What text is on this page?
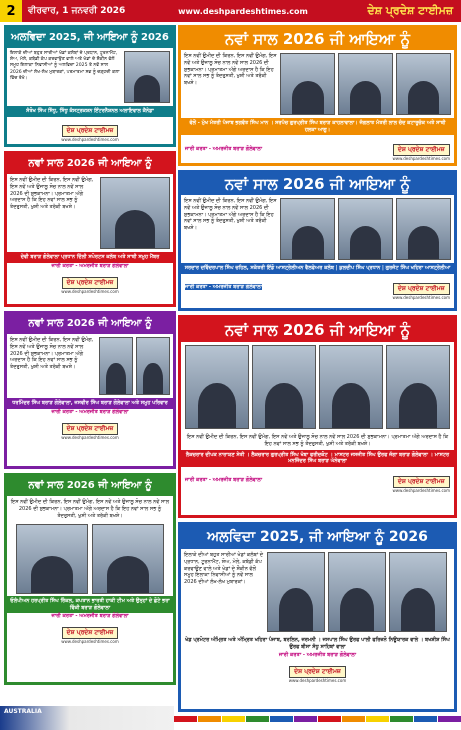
2	ਵੀਰਵਾਰ, 1 ਜਨਵਰੀ 2026	www.deshpardeshtimes.com	ਦੇਸ਼ ਪ੍ਰਦੇਸ਼ ਟਾਈਮਜ਼
ਅਲਵਿਦਾ 2025, ਜੀ ਆਇਆ ਨੂੰ 2026
ਇਲਾਕੇ ਦੀਆਂ ਬਹੁਤ ਸਾਰੀਆਂ ਖੇਡਾਂ ਕਲੱਬਾਂ ਦੇ ਪ੍ਰਧਾਨ, ਟੂਰਨਾਮੈਂਟ, ਸ਼ੋਅ, ਮੇਲੇ, ਕਬੱਡੀ ਕੱਪ ਕਰਵਾਉਣ ਵਾਲੇ ਅਤੇ ਖੇਡਾਂ ਦੇ ਸ਼ੌਕੀਨ ਵੱਲੋਂ ਸਮੂਹ ਇਲਾਕਾ ਨਿਵਾਸੀਆਂ ਨੂੰ ਅਲਵਿਦਾ 2025 ਤੇ ਨਵੇਂ ਸਾਲ 2026 ਦੀਆਂ ਲੱਖ-ਲੱਖ ਮੁਬਾਰਕਾਂ, ਪਰਮਾਤਮਾ ਸਭ ਨੂੰ ਚੜ੍ਹਦੀ ਕਲਾ ਵਿੱਚ ਰੱਖੇ।
ਸੰਤੋਖ ਸਿੰਘ ਸਿੱਧੂ, ਸਿੱਧੂ ਕੰਸਟ੍ਰਕਸ਼ਨ ਇੰਟਰਨੈਸ਼ਨਲ ਅਲਾਇਵਾਲ ਕੈਨੇਡਾ
ਦੇਸ਼ ਪ੍ਰਦੇਸ਼ ਟਾਈਮਜ਼
www.deshpardeshtimes.com
ਨਵਾਂ ਸਾਲ 2026 ਜੀ ਆਇਆ ਨੂੰ
ਇਸ ਨਵੀਂ ਉਮੀਦ ਦੀ ਕਿਰਨ, ਇਸ ਨਵੀਂ ਉਮੰਗ, ਇਸ ਨਵੇਂ ਅਤੇ ਉਜਾਲੂ ਸੋਚ ਨਾਲ ਨਵੇਂ ਸਾਲ 2026 ਦੀ ਸ਼ੁਭਕਾਮਨਾ। ਪ੍ਰਮਾਤਮਾ ਅੱਗੇ ਅਰਦਾਸ ਹੈ ਕਿ ਇਹ ਨਵਾਂ ਸਾਲ ਸਭ ਨੂੰ ਤੰਦਰੁਸਤੀ, ਖੁਸ਼ੀ ਅਤੇ ਤਰੱਕੀ ਬਖਸ਼ੇ।
ਵੱਲੋਂ - ਮੁੱਖ ਮੰਤਰੀ ਪੰਜਾਬ ਭਗਵੰਤ ਸਿੰਘ ਮਾਨ । ਸਰਪੰਚ ਗੁਰਪ੍ਰੀਤ ਸਿੰਘ ਬਰਾੜ ਕਾਹਲਾਵਾਲਾ। ਜੰਗਲਾਤ ਮੰਤਰੀ ਲਾਲ ਚੰਦ ਕਟਾਰੂਚੱਕ ਅਤੇ ਸਾਥੀ ਹਲਕਾ ਆਗੂ।
ਜਾਰੀ ਕਰਤਾ - ਅਮਰਜੀਤ ਬਰਾੜ ਗੋਲੇਵਾਲਾ	ਦੇਸ਼ ਪ੍ਰਦੇਸ਼ ਟਾਈਮਜ਼
www.deshpardeshtimes.com
ਨਵਾਂ ਸਾਲ 2026 ਜੀ ਆਇਆ ਨੂੰ
ਇਸ ਨਵੀਂ ਉਮੀਦ ਦੀ ਕਿਰਨ, ਇਸ ਨਵੀਂ ਉਮੰਗ, ਇਸ ਨਵੇਂ ਅਤੇ ਉਜਾਲੂ ਸੋਚ ਨਾਲ ਨਵੇਂ ਸਾਲ 2026 ਦੀ ਸ਼ੁਭਕਾਮਨਾ। ਪ੍ਰਮਾਤਮਾ ਅੱਗੇ ਅਰਦਾਸ ਹੈ ਕਿ ਇਹ ਨਵਾਂ ਸਾਲ ਸਭ ਨੂੰ ਤੰਦਰੁਸਤੀ, ਖੁਸ਼ੀ ਅਤੇ ਤਰੱਕੀ ਬਖਸ਼ੇ।
ਦੇਵੀ ਬਰਾੜ ਗੋਲੇਵਾਲਾ ਪ੍ਰਧਾਨ ਦਿੱਲੀ ਸਪੋਰਟਸ ਕਲੱਬ ਅਤੇ ਸਾਥੀ ਸਮੂਹ ਮੈਂਬਰ
ਜਾਰੀ ਕਰਤਾ - ਅਮਰਜੀਤ ਬਰਾੜ ਗੋਲੇਵਾਲਾ
ਦੇਸ਼ ਪ੍ਰਦੇਸ਼ ਟਾਈਮਜ਼
www.deshpardeshtimes.com
ਨਵਾਂ ਸਾਲ 2026 ਜੀ ਆਇਆ ਨੂੰ
ਇਸ ਨਵੀਂ ਉਮੀਦ ਦੀ ਕਿਰਨ, ਇਸ ਨਵੀਂ ਉਮੰਗ, ਇਸ ਨਵੇਂ ਅਤੇ ਉਜਾਲੂ ਸੋਚ ਨਾਲ ਨਵੇਂ ਸਾਲ 2026 ਦੀ ਸ਼ੁਭਕਾਮਨਾ। ਪ੍ਰਮਾਤਮਾ ਅੱਗੇ ਅਰਦਾਸ ਹੈ ਕਿ ਇਹ ਨਵਾਂ ਸਾਲ ਸਭ ਨੂੰ ਤੰਦਰੁਸਤੀ, ਖੁਸ਼ੀ ਅਤੇ ਤਰੱਕੀ ਬਖਸ਼ੇ।
ਸਰਦਾਰ ਦਵਿੰਦਰਪਾਲ ਸਿੰਘ ਚਹਿਲ, ਸਕੱਤਰੀ ਇੰਡੋ ਆਸਟ੍ਰੇਲੀਅਨ ਵੈਲਫੇਅਰ ਕਲੱਬ | ਕੁਲਦੀਪ ਸਿੰਘ ਪ੍ਰਧਾਨ | ਗੁਰਜੰਟ ਸਿੰਘ ਖਹਿਰਾ ਆਸਟ੍ਰੇਲੀਆ
ਜਾਰੀ ਕਰਤਾ - ਅਮਰਜੀਤ ਬਰਾੜ ਗੋਲੇਵਾਲਾ	ਦੇਸ਼ ਪ੍ਰਦੇਸ਼ ਟਾਈਮਜ਼
www.deshpardeshtimes.com
ਨਵਾਂ ਸਾਲ 2026 ਜੀ ਆਇਆ ਨੂੰ
ਇਸ ਨਵੀਂ ਉਮੀਦ ਦੀ ਕਿਰਨ, ਇਸ ਨਵੀਂ ਉਮੰਗ, ਇਸ ਨਵੇਂ ਅਤੇ ਉਜਾਲੂ ਸੋਚ ਨਾਲ ਨਵੇਂ ਸਾਲ 2026 ਦੀ ਸ਼ੁਭਕਾਮਨਾ। ਪ੍ਰਮਾਤਮਾ ਅੱਗੇ ਅਰਦਾਸ ਹੈ ਕਿ ਇਹ ਨਵਾਂ ਸਾਲ ਸਭ ਨੂੰ ਤੰਦਰੁਸਤੀ, ਖੁਸ਼ੀ ਅਤੇ ਤਰੱਕੀ ਬਖਸ਼ੇ।
ਧਰਮਿੰਦਰ ਸਿੰਘ ਬਰਾੜ ਗੋਲੇਵਾਲਾ, ਜਸਵੀਰ ਸਿੰਘ ਬਰਾੜ ਗੋਲੇਵਾਲਾ ਅਤੇ ਸਮੂਹ ਪਰਿਵਾਰ
ਜਾਰੀ ਕਰਤਾ - ਅਮਰਜੀਤ ਬਰਾੜ ਗੋਲੇਵਾਲਾ
ਦੇਸ਼ ਪ੍ਰਦੇਸ਼ ਟਾਈਮਜ਼
www.deshpardeshtimes.com
ਨਵਾਂ ਸਾਲ 2026 ਜੀ ਆਇਆ ਨੂੰ
ਇਸ ਨਵੀਂ ਉਮੀਦ ਦੀ ਕਿਰਨ, ਇਸ ਨਵੀਂ ਉਮੰਗ, ਇਸ ਨਵੇਂ ਅਤੇ ਉਜਾਲੂ ਸੋਚ ਨਾਲ ਨਵੇਂ ਸਾਲ 2026 ਦੀ ਸ਼ੁਭਕਾਮਨਾ। ਪ੍ਰਮਾਤਮਾ ਅੱਗੇ ਅਰਦਾਸ ਹੈ ਕਿ ਇਹ ਨਵਾਂ ਸਾਲ ਸਭ ਨੂੰ ਤੰਦਰੁਸਤੀ, ਖੁਸ਼ੀ ਅਤੇ ਤਰੱਕੀ ਬਖਸ਼ੇ।
ਲੈਕਚਰਾਰ ਦੀਪਕ ਨਾਰਾਯਣ ਸੇਤੀ । ਲੈਕਚਰਾਰ ਗੁਰਪ੍ਰੀਤ ਸਿੰਘ ਖੱਬਾ ਫਰੀਦਕੋਟ । ਮਾਸਟਰ ਜਸਜੀਤ ਸਿੰਘ ਉਰਫ ਜੱਗਾ ਬਰਾੜ ਗੋਲੇਵਾਲਾ । ਮਾਸਟਰ ਮਨਜਿੰਦਰ ਸਿੰਘ ਬਰਾੜ ਘੱਨੇਵਾਲਾ
ਜਾਰੀ ਕਰਤਾ - ਅਮਰਜੀਤ ਬਰਾੜ ਗੋਲੇਵਾਲਾ	ਦੇਸ਼ ਪ੍ਰਦੇਸ਼ ਟਾਈਮਜ਼
www.deshpardeshtimes.com
ਨਵਾਂ ਸਾਲ 2026 ਜੀ ਆਇਆ ਨੂੰ
ਇਸ ਨਵੀਂ ਉਮੀਦ ਦੀ ਕਿਰਨ, ਇਸ ਨਵੀਂ ਉਮੰਗ, ਇਸ ਨਵੇਂ ਅਤੇ ਉਜਾਲੂ ਸੋਚ ਨਾਲ ਨਵੇਂ ਸਾਲ 2026 ਦੀ ਸ਼ੁਭਕਾਮਨਾ। ਪ੍ਰਮਾਤਮਾ ਅੱਗੇ ਅਰਦਾਸ ਹੈ ਕਿ ਇਹ ਨਵਾਂ ਸਾਲ ਸਭ ਨੂੰ ਤੰਦਰੁਸਤੀ, ਖੁਸ਼ੀ ਅਤੇ ਤਰੱਕੀ ਬਖਸ਼ੇ।
ਓਲੰਪੀਅਨ ਹਰਪ੍ਰੀਤ ਸਿੰਘ ਰਿੰਕਲ, ਕਪਤਾਨ ਭਾਰਤੀ ਹਾਕੀ ਟੀਮ ਅਤੇ ਉਨ੍ਹਾਂ ਦੇ ਛੋਟੇ ਭਰਾ ਵਿੱਕੀ ਬਰਾੜ ਗੋਲੇਵਾਲਾ
ਜਾਰੀ ਕਰਤਾ - ਅਮਰਜੀਤ ਬਰਾੜ ਗੋਲੇਵਾਲਾ
ਦੇਸ਼ ਪ੍ਰਦੇਸ਼ ਟਾਈਮਜ਼
www.deshpardeshtimes.com
ਅਲਵਿਦਾ 2025, ਜੀ ਆਇਆ ਨੂੰ 2026
ਇਲਾਕੇ ਦੀਆਂ ਬਹੁਤ ਸਾਰੀਆਂ ਖੇਡਾਂ ਕਲੱਬਾਂ ਦੇ ਪ੍ਰਧਾਨ, ਟੂਰਨਾਮੈਂਟ, ਸ਼ੋਅ, ਮੇਲੇ, ਕਬੱਡੀ ਕੱਪ ਕਰਵਾਉਣ ਵਾਲੇ ਅਤੇ ਖੇਡਾਂ ਦੇ ਸ਼ੌਕੀਨ ਵੱਲੋਂ ਸਮੂਹ ਇਲਾਕਾ ਨਿਵਾਸੀਆਂ ਨੂੰ ਨਵੇਂ ਸਾਲ 2026 ਦੀਆਂ ਲੱਖ-ਲੱਖ ਮੁਬਾਰਕਾਂ।
ਖੇਡ ਪ੍ਰਮੋਟਰ ਅੰਮ੍ਰਿਤ ਅਤੇ ਅੰਮ੍ਰਿਤ ਖਹਿਰਾ ਪੰਜਾਬ, ਬਰਲਿਨ, ਜਰਮਨੀ । ਜਸਪਾਲ ਸਿੰਘ ਉਰਫ ਪਾਲੀ ਫਰਿਜ਼ਨੋ ਨਿਊਯਾਰਕ ਵਾਲੇ । ਬਖਸ਼ੀਸ਼ ਸਿੰਘ ਉਰਫ ਬੀਸਾ ਸੰਧੂ ਸਾਹਿਬਾਂ ਵਾਲਾ
ਜਾਰੀ ਕਰਤਾ - ਅਮਰਜੀਤ ਬਰਾੜ ਗੋਲੇਵਾਲਾ
ਦੇਸ਼ ਪ੍ਰਦੇਸ਼ ਟਾਈਮਜ਼
www.deshpardeshtimes.com
AUSTRALIA
